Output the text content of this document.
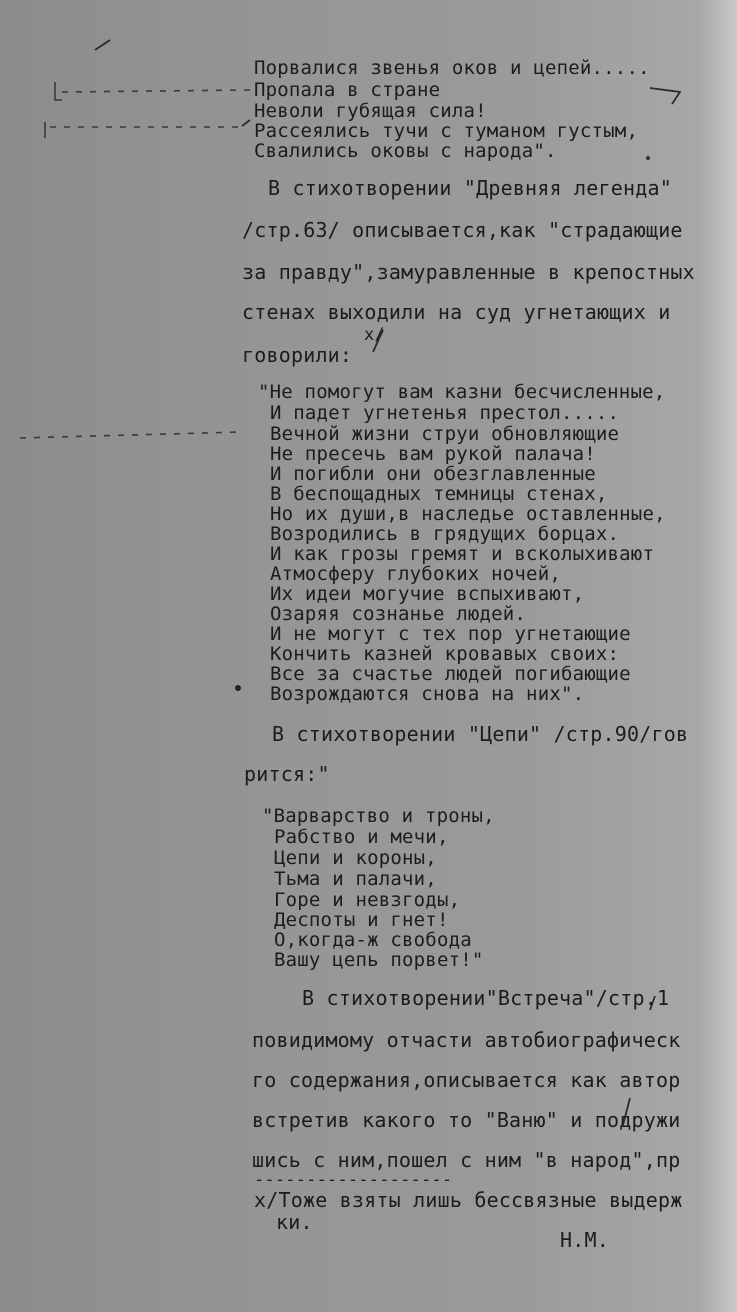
Порвалися звенья оков и цепей.....
Пропала в стране
Неволи губящая сила!
Рассеялись тучи с туманом густым,
Свалились оковы с народа".
В стихотворении "Древняя легенда"
/стр.63/ описывается,как "страдающие
за правду",замуравленные в крепостных
стенах выходили на суд угнетающих и
х/
говорили:
"Не помогут вам казни бесчисленные,
И падет угнетенья престол.....
Вечной жизни струи обновляющие
Не пресечь вам рукой палача!
И погибли они обезглавленные
В беспощадных темницы стенах,
Но их души,в наследье оставленные,
Возродились в грядущих борцах.
И как грозы гремят и всколыхивают
Атмосферу глубоких ночей,
Их идеи могучие вспыхивают,
Озаряя сознанье людей.
И не могут с тех пор угнетающие
Кончить казней кровавых своих:
Все за счастье людей погибающие
Возрождаются снова на них".
В стихотворении "Цепи" /стр.90/гов
рится:"
"Варварство и троны,
Рабство и мечи,
Цепи и короны,
Тьма и палачи,
Горе и невзгоды,
Деспоты и гнет!
О,когда-ж свобода
Вашу цепь порвет!"
В стихотворении"Встреча"/стр.1
повидимому отчасти автобиографическ
го содержания,описывается как автор
встретив какого то "Ваню" и подружи
шись с ним,пошел с ним "в народ",пр
-------------------
х/Тоже взяты лишь бессвязные выдерж
ки.
Н.М.
